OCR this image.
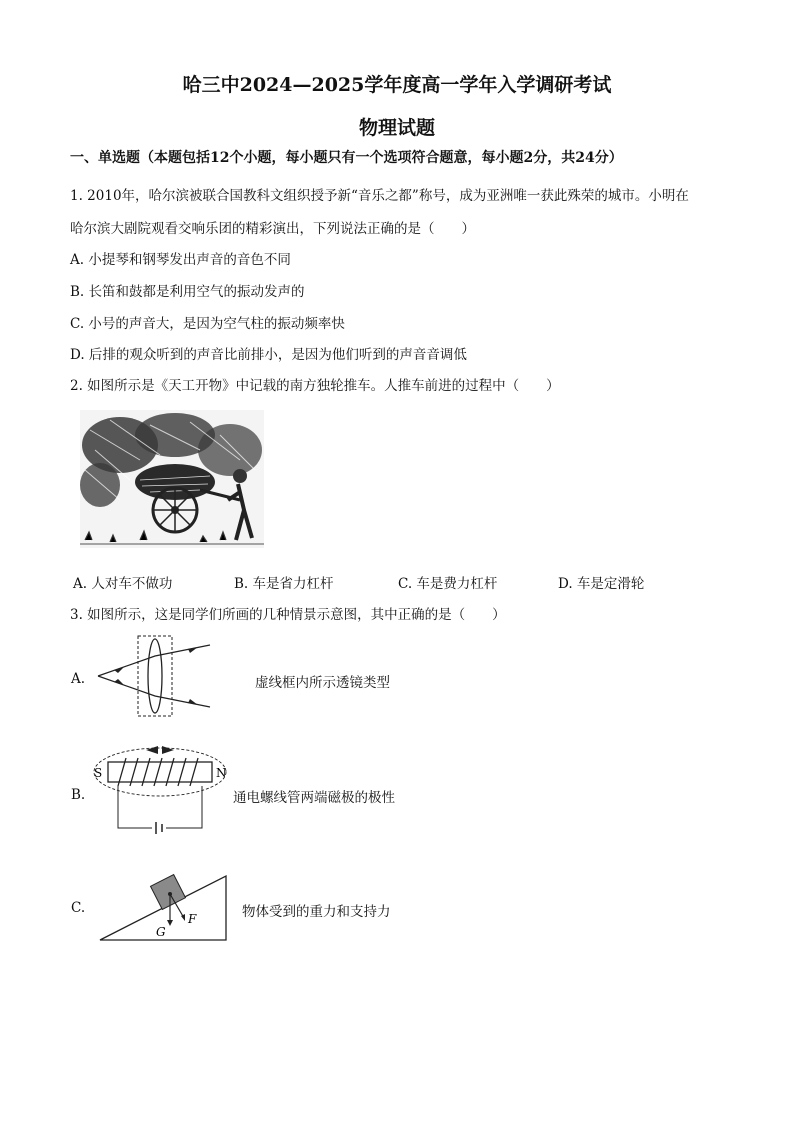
哈三中2024—2025学年度高一学年入学调研考试
物理试题
一、单选题（本题包括12个小题，每小题只有一个选项符合题意，每小题2分，共24分）
1. 2010年，哈尔滨被联合国教科文组织授予新“音乐之都”称号，成为亚洲唯一获此殊荣的城市。小明在
哈尔滨大剧院观看交响乐团的精彩演出，下列说法正确的是（　　）
A. 小提琴和钢琴发出声音的音色不同
B. 长笛和鼓都是利用空气的振动发声的
C. 小号的声音大，是因为空气柱的振动频率快
D. 后排的观众听到的声音比前排小，是因为他们听到的声音音调低
2. 如图所示是《天工开物》中记载的南方独轮推车。人推车前进的过程中（　　）
A. 人对车不做功	B. 车是省力杠杆	C. 车是费力杠杆	D. 车是定滑轮
3. 如图所示，这是同学们所画的几种情景示意图，其中正确的是（　　）
A.	虚线框内所示透镜类型
B.
S	N
通电螺线管两端磁极的极性
C.
G
F	物体受到的重力和支持力
